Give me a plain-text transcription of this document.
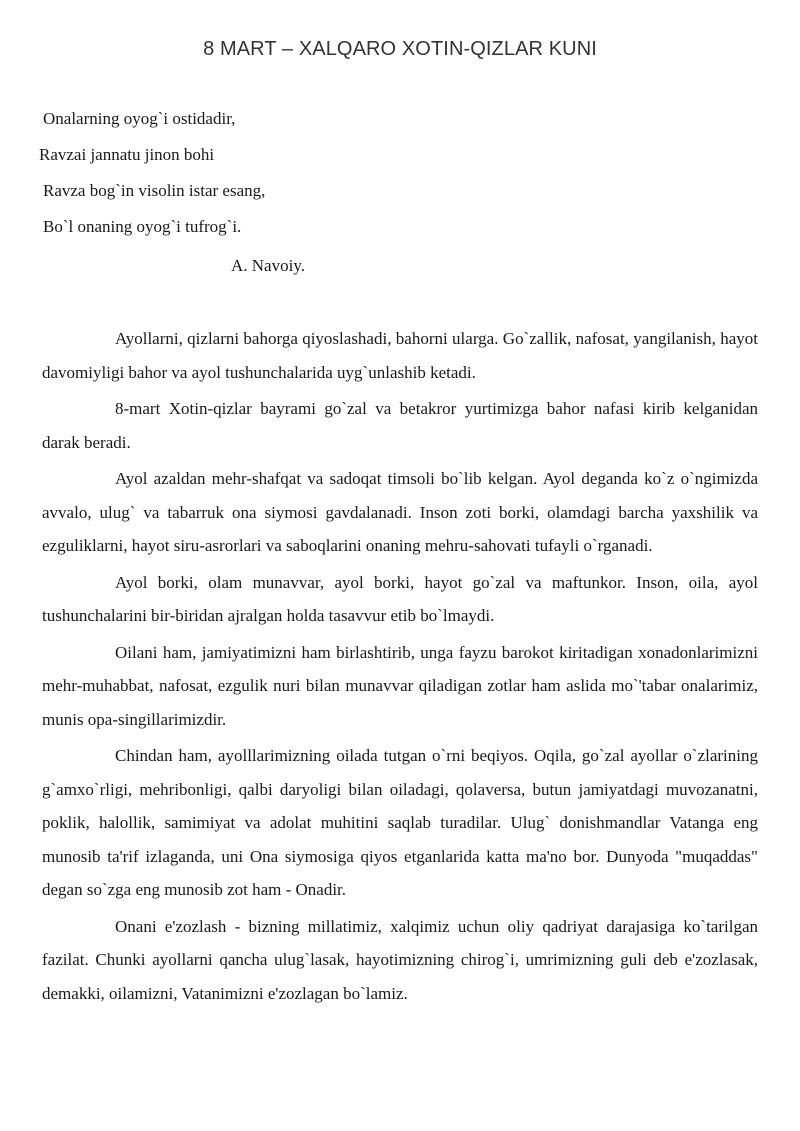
8 MART – XALQARO XOTIN-QIZLAR KUNI
Onalarning oyog`i ostidadir,
Ravzai jannatu jinon bohi
Ravza bog`in visolin istar esang,
Bo`l onaning oyog`i tufrog`i.
A. Navoiy.

Ayollarni, qizlarni bahorga qiyoslashadi, bahorni ularga. Go`zallik, nafosat, yangilanish, hayot davomiyligi bahor va ayol tushunchalarida uyg`unlashib ketadi.

8-mart Xotin-qizlar bayrami go`zal va betakror yurtimizga bahor nafasi kirib kelganidan darak beradi.

Ayol azaldan mehr-shafqat va sadoqat timsoli bo`lib kelgan. Ayol deganda ko`z o`ngimizda avvalo, ulug` va tabarruk ona siymosi gavdalanadi. Inson zoti borki, olamdagi barcha yaxshilik va ezguliklarni, hayot siru-asrorlari va saboqlarini onaning mehru-sahovati tufayli o`rganadi.

Ayol borki, olam munavvar, ayol borki, hayot go`zal va maftunkor. Inson, oila, ayol tushunchalarini bir-biridan ajralgan holda tasavvur etib bo`lmaydi.

Oilani ham, jamiyatimizni ham birlashtirib, unga fayzu barokot kiritadigan xonadonlarimizni mehr-muhabbat, nafosat, ezgulik nuri bilan munavvar qiladigan zotlar ham aslida mo`'tabar onalarimiz, munis opa-singillarimizdir.

Chindan ham, ayolllarimizning oilada tutgan o`rni beqiyos. Oqila, go`zal ayollar o`zlarining g`amxo`rligi, mehribonligi, qalbi daryoligi bilan oiladagi, qolaversa, butun jamiyatdagi muvozanatni, poklik, halollik, samimiyat va adolat muhitini saqlab turadilar. Ulug` donishmandlar Vatanga eng munosib ta'rif izlaganda, uni Ona siymosiga qiyos etganlarida katta ma'no bor. Dunyoda "muqaddas" degan so`zga eng munosib zot ham - Onadir.

Onani e'zozlash - bizning millatimiz, xalqimiz uchun oliy qadriyat darajasiga ko`tarilgan fazilat. Chunki ayollarni qancha ulug`lasak, hayotimizning chirog`i, umrimizning guli deb e'zozlasak, demakki, oilamizni, Vatanimizni e'zozlagan bo`lamiz.
